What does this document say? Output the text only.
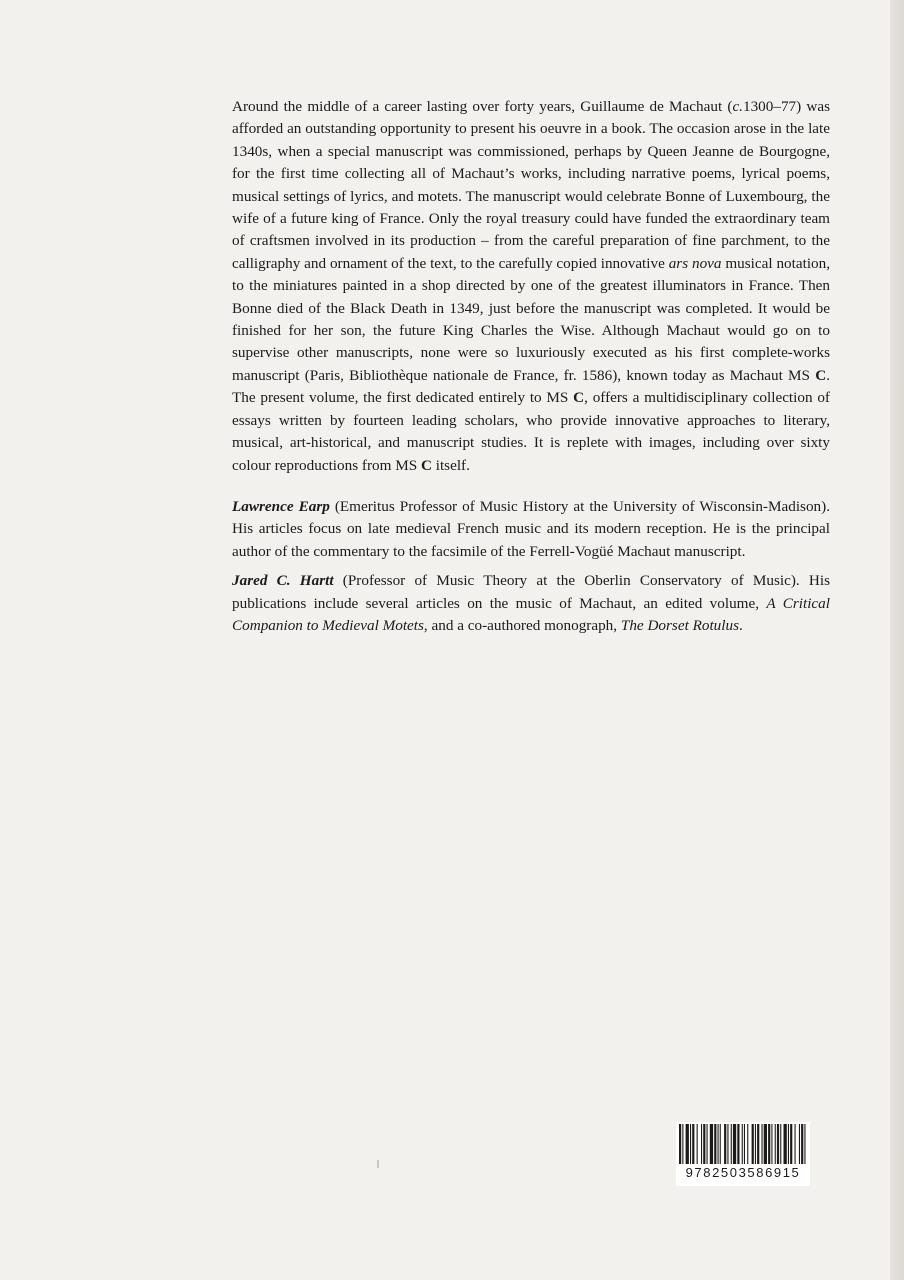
Around the middle of a career lasting over forty years, Guillaume de Machaut (c.1300–77) was afforded an outstanding opportunity to present his oeuvre in a book. The occasion arose in the late 1340s, when a special manuscript was commissioned, perhaps by Queen Jeanne de Bourgogne, for the first time collecting all of Machaut’s works, including narrative poems, lyrical poems, musical settings of lyrics, and motets. The manuscript would celebrate Bonne of Luxembourg, the wife of a future king of France. Only the royal treasury could have funded the extraordinary team of craftsmen involved in its production – from the careful preparation of fine parchment, to the calligraphy and ornament of the text, to the carefully copied innovative ars nova musical notation, to the miniatures painted in a shop directed by one of the greatest illuminators in France. Then Bonne died of the Black Death in 1349, just before the manuscript was completed. It would be finished for her son, the future King Charles the Wise. Although Machaut would go on to supervise other manuscripts, none were so luxuriously executed as his first complete-works manuscript (Paris, Bibliothèque nationale de France, fr. 1586), known today as Machaut MS C. The present volume, the first dedicated entirely to MS C, offers a multidisciplinary collection of essays written by fourteen leading scholars, who provide innovative approaches to literary, musical, art-historical, and manuscript studies. It is replete with images, including over sixty colour reproductions from MS C itself.

Lawrence Earp (Emeritus Professor of Music History at the University of Wisconsin-Madison). His articles focus on late medieval French music and its modern reception. He is the principal author of the commentary to the facsimile of the Ferrell-Vogüé Machaut manuscript.

Jared C. Hartt (Professor of Music Theory at the Oberlin Conservatory of Music). His publications include several articles on the music of Machaut, an edited volume, A Critical Companion to Medieval Motets, and a co-authored monograph, The Dorset Rotulus.

9782503586915
